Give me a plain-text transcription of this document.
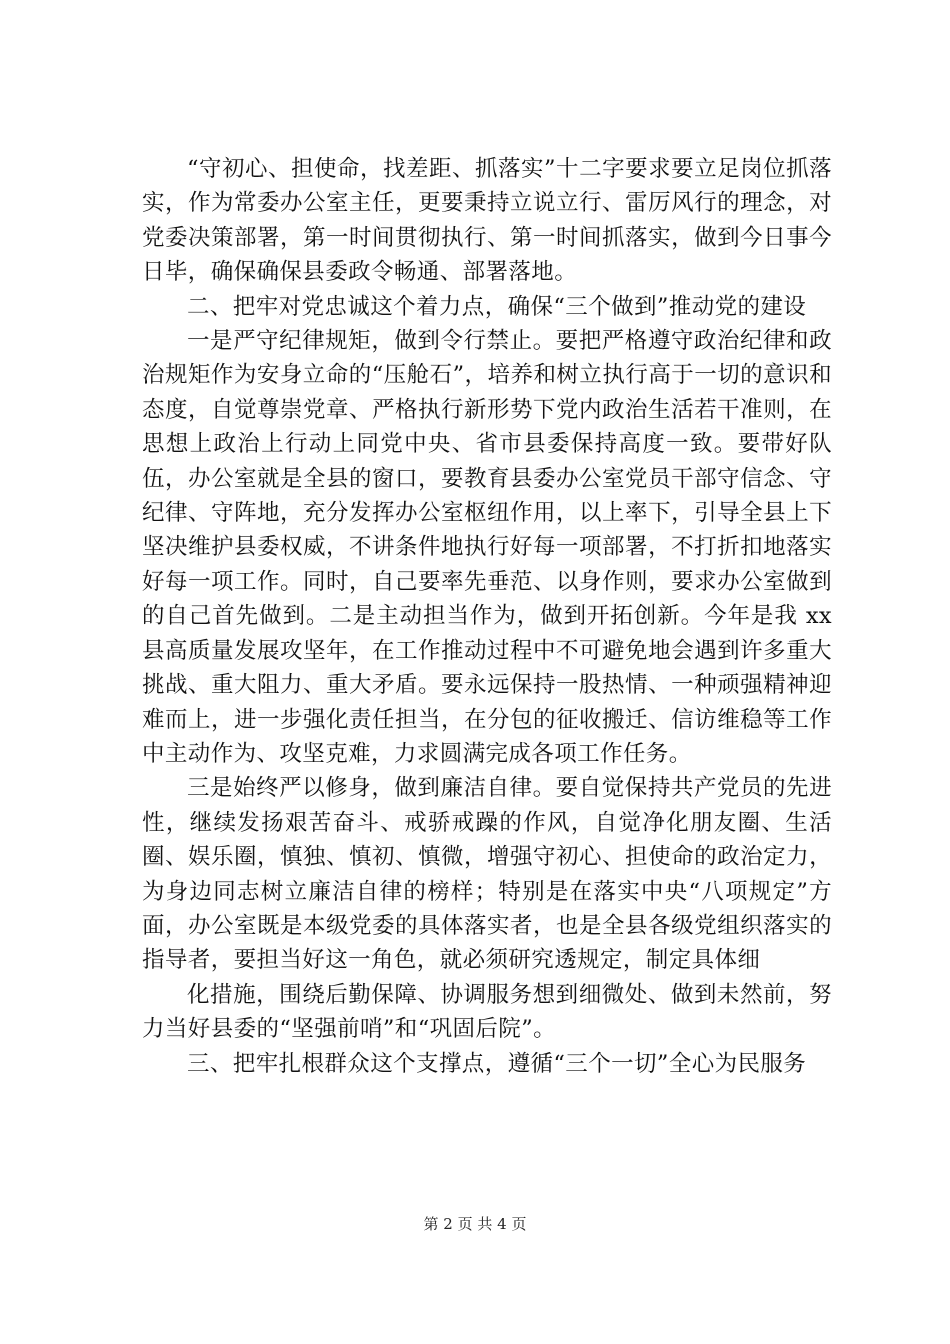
“守初心、担使命，找差距、抓落实”十二字要求要立足岗位抓落实，作为常委办公室主任，更要秉持立说立行、雷厉风行的理念，对党委决策部署，第一时间贯彻执行、第一时间抓落实，做到今日事今日毕，确保确保县委政令畅通、部署落地。

二、把牢对党忠诚这个着力点，确保“三个做到”推动党的建设

一是严守纪律规矩，做到令行禁止。要把严格遵守政治纪律和政治规矩作为安身立命的“压舱石”，培养和树立执行高于一切的意识和态度，自觉尊崇党章、严格执行新形势下党内政治生活若干准则，在思想上政治上行动上同党中央、省市县委保持高度一致。要带好队伍，办公室就是全县的窗口，要教育县委办公室党员干部守信念、守纪律、守阵地，充分发挥办公室枢纽作用，以上率下，引导全县上下坚决维护县委权威，不讲条件地执行好每一项部署，不打折扣地落实好每一项工作。同时，自己要率先垂范、以身作则，要求办公室做到的自己首先做到。二是主动担当作为，做到开拓创新。今年是我 xx 县高质量发展攻坚年，在工作推动过程中不可避免地会遇到许多重大挑战、重大阻力、重大矛盾。要永远保持一股热情、一种顽强精神迎难而上，进一步强化责任担当，在分包的征收搬迁、信访维稳等工作中主动作为、攻坚克难，力求圆满完成各项工作任务。

三是始终严以修身，做到廉洁自律。要自觉保持共产党员的先进性，继续发扬艰苦奋斗、戒骄戒躁的作风，自觉净化朋友圈、生活圈、娱乐圈，慎独、慎初、慎微，增强守初心、担使命的政治定力，为身边同志树立廉洁自律的榜样；特别是在落实中央“八项规定”方面，办公室既是本级党委的具体落实者，也是全县各级党组织落实的指导者，要担当好这一角色，就必须研究透规定，制定具体细

化措施，围绕后勤保障、协调服务想到细微处、做到未然前，努力当好县委的“坚强前哨”和“巩固后院”。

三、把牢扎根群众这个支撑点，遵循“三个一切”全心为民服务

第 2 页 共 4 页
